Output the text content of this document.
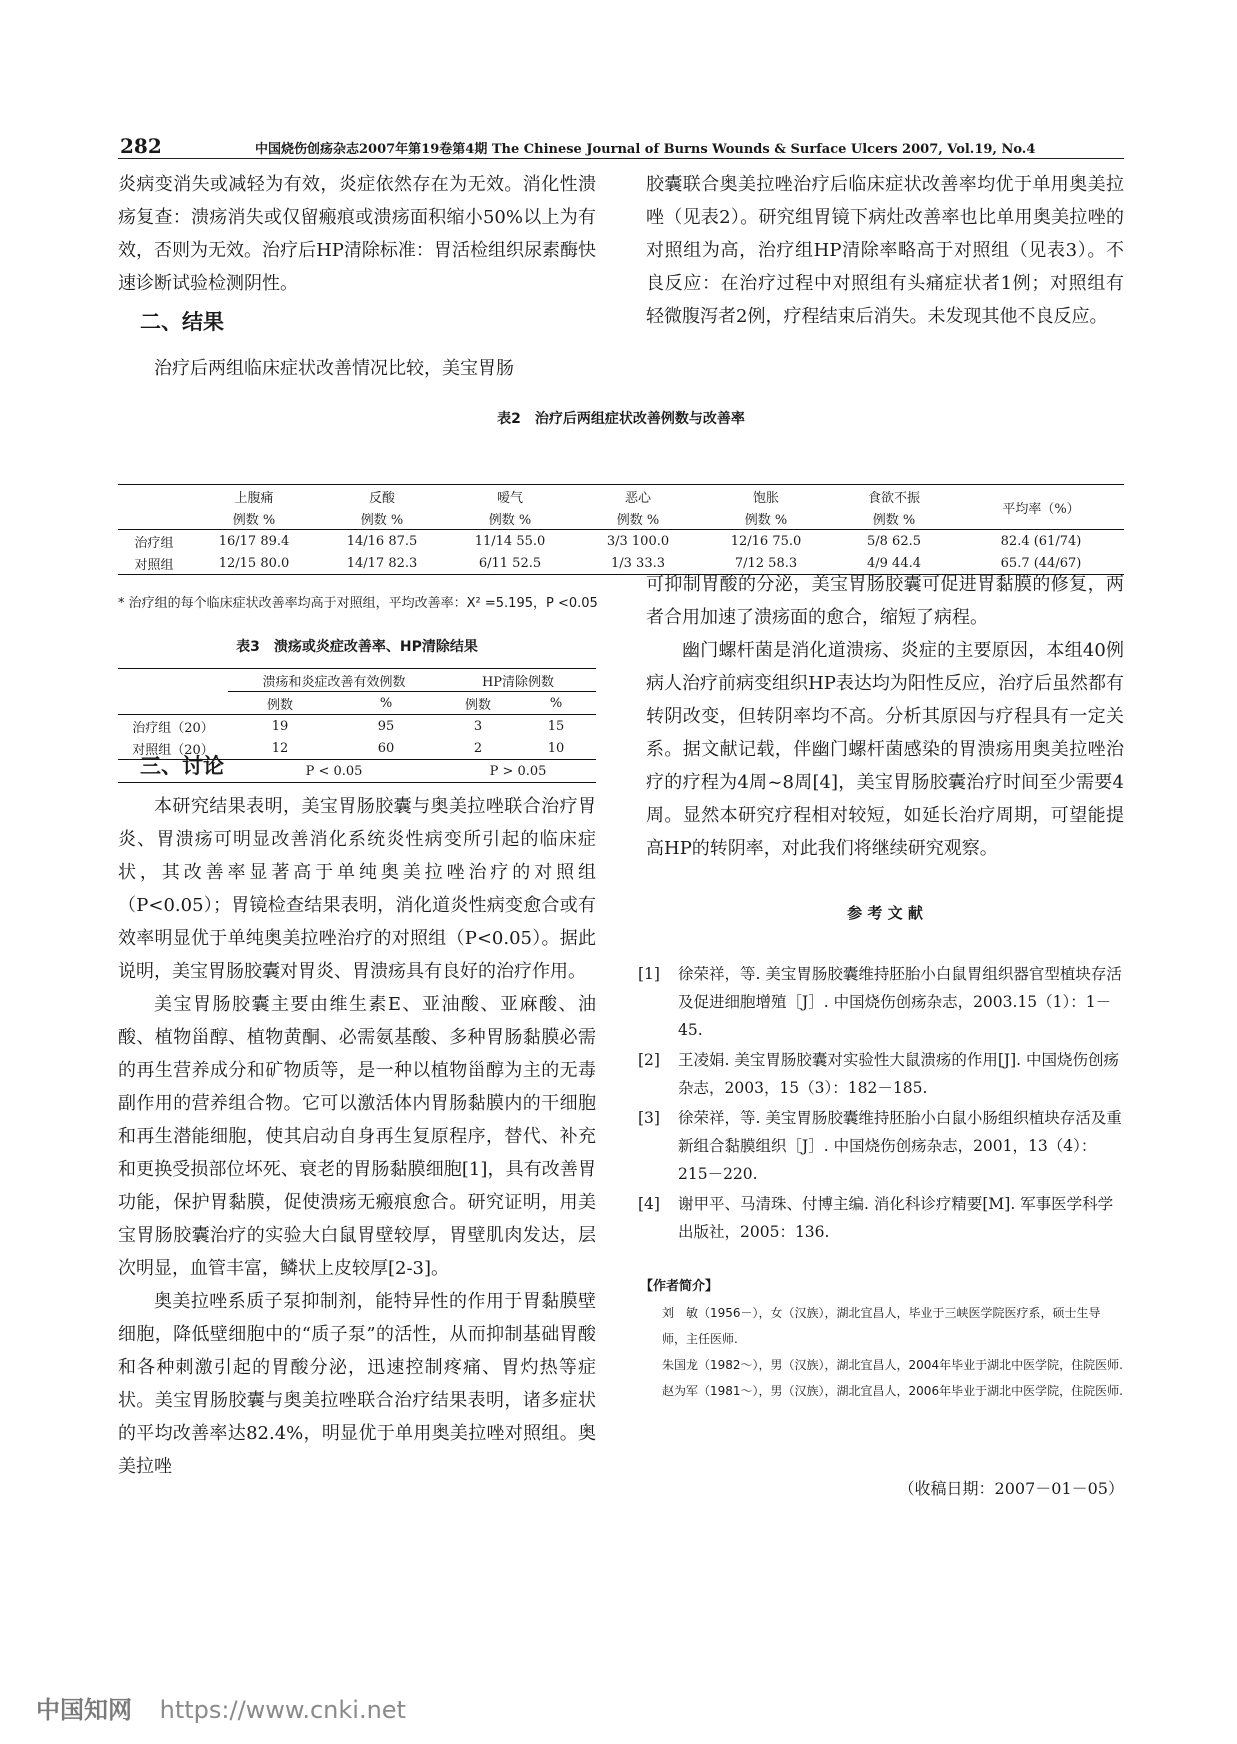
282	中国烧伤创疡杂志2007年第19卷第4期 The Chinese Journal of Burns Wounds & Surface Ulcers 2007, Vol.19, No.4

炎病变消失或减轻为有效，炎症依然存在为无效。消化性溃疡复查：溃疡消失或仅留瘢痕或溃疡面积缩小50%以上为有效，否则为无效。治疗后HP清除标准：胃活检组织尿素酶快速诊断试验检测阴性。

二、结果

治疗后两组临床症状改善情况比较，美宝胃肠

胶囊联合奥美拉唑治疗后临床症状改善率均优于单用奥美拉唑（见表2）。研究组胃镜下病灶改善率也比单用奥美拉唑的对照组为高，治疗组HP清除率略高于对照组（见表3）。不良反应：在治疗过程中对照组有头痛症状者1例；对照组有轻微腹泻者2例，疗程结束后消失。未发现其他不良反应。

表2　治疗后两组症状改善例数与改善率
	上腹痛	反酸	嗳气	恶心	饱胀	食欲不振	平均率（%）
	例数 %	例数 %	例数 %	例数 %	例数 %	例数 %	
治疗组	16/17 89.4	14/16 87.5	11/14 55.0	3/3 100.0	12/16 75.0	5/8 62.5	82.4 (61/74)
对照组	12/15 80.0	14/17 82.3	6/11 52.5	1/3 33.3	7/12 58.3	4/9 44.4	65.7 (44/67)
* 治疗组的每个临床症状改善率均高于对照组，平均改善率：X² =5.195，P <0.05
表3　溃疡或炎症改善率、HP清除结果
	溃疡和炎症改善有效例数		HP清除例数	
	例数	%	例数	%
治疗组（20）	19	95	3	15
对照组（20）	12	60	2	10
	P < 0.05		P > 0.05	
三、讨论

本研究结果表明，美宝胃肠胶囊与奥美拉唑联合治疗胃炎、胃溃疡可明显改善消化系统炎性病变所引起的临床症状，其改善率显著高于单纯奥美拉唑治疗的对照组（P<0.05）；胃镜检查结果表明，消化道炎性病变愈合或有效率明显优于单纯奥美拉唑治疗的对照组（P<0.05）。据此说明，美宝胃肠胶囊对胃炎、胃溃疡具有良好的治疗作用。

美宝胃肠胶囊主要由维生素E、亚油酸、亚麻酸、油酸、植物甾醇、植物黄酮、必需氨基酸、多种胃肠黏膜必需的再生营养成分和矿物质等，是一种以植物甾醇为主的无毒副作用的营养组合物。它可以激活体内胃肠黏膜内的干细胞和再生潜能细胞，使其启动自身再生复原程序，替代、补充和更换受损部位坏死、衰老的胃肠黏膜细胞[1]，具有改善胃功能，保护胃黏膜，促使溃疡无瘢痕愈合。研究证明，用美宝胃肠胶囊治疗的实验大白鼠胃壁较厚，胃壁肌肉发达，层次明显，血管丰富，鳞状上皮较厚[2-3]。

奥美拉唑系质子泵抑制剂，能特异性的作用于胃黏膜壁细胞，降低壁细胞中的“质子泵”的活性，从而抑制基础胃酸和各种刺激引起的胃酸分泌，迅速控制疼痛、胃灼热等症状。美宝胃肠胶囊与奥美拉唑联合治疗结果表明，诸多症状的平均改善率达82.4%，明显优于单用奥美拉唑对照组。奥美拉唑

可抑制胃酸的分泌，美宝胃肠胶囊可促进胃黏膜的修复，两者合用加速了溃疡面的愈合，缩短了病程。

幽门螺杆菌是消化道溃疡、炎症的主要原因，本组40例病人治疗前病变组织HP表达均为阳性反应，治疗后虽然都有转阴改变，但转阴率均不高。分析其原因与疗程具有一定关系。据文献记载，伴幽门螺杆菌感染的胃溃疡用奥美拉唑治疗的疗程为4周~8周[4]，美宝胃肠胶囊治疗时间至少需要4周。显然本研究疗程相对较短，如延长治疗周期，可望能提高HP的转阴率，对此我们将继续研究观察。

参 考 文 献
[1]	徐荣祥，等. 美宝胃肠胶囊维持胚胎小白鼠胃组织器官型植块存活及促进细胞增殖［J］. 中国烧伤创疡杂志，2003.15（1）：1－45.
[2]	王凌娟. 美宝胃肠胶囊对实验性大鼠溃疡的作用[J]. 中国烧伤创疡杂志，2003，15（3）：182－185.
[3]	徐荣祥，等. 美宝胃肠胶囊维持胚胎小白鼠小肠组织植块存活及重新组合黏膜组织［J］. 中国烧伤创疡杂志，2001，13（4）：215－220.
[4]	谢甲平、马清珠、付博主编. 消化科诊疗精要[M]. 军事医学科学出版社，2005：136.
【作者简介】
刘　敏（1956－），女（汉族），湖北宜昌人，毕业于三峡医学院医疗系，硕士生导师，主任医师.
朱国龙（1982～），男（汉族），湖北宜昌人，2004年毕业于湖北中医学院，住院医师.
赵为军（1981～），男（汉族），湖北宜昌人，2006年毕业于湖北中医学院，住院医师.
（收稿日期：2007－01－05）
中国知网 https://www.cnki.net
